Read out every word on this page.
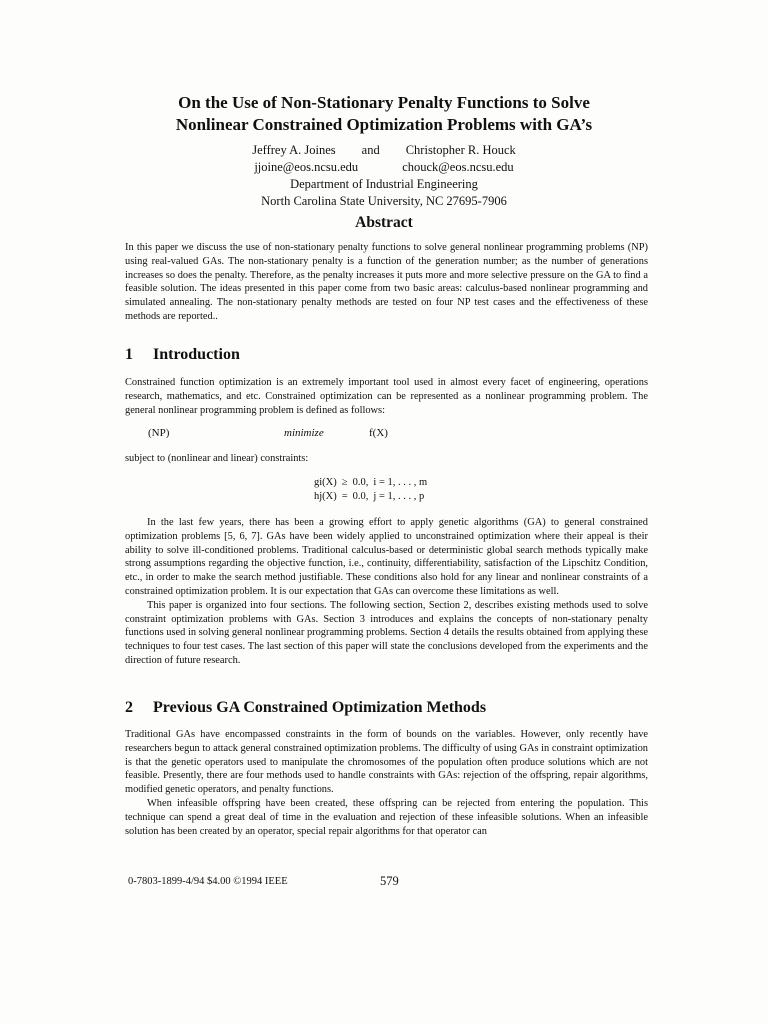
On the Use of Non-Stationary Penalty Functions to Solve
Nonlinear Constrained Optimization Problems with GA’s
Jeffrey A. Joines and Christopher R. Houck
jjoine@eos.ncsu.edu	chouck@eos.ncsu.edu
Department of Industrial Engineering
North Carolina State University, NC 27695-7906
Abstract

In this paper we discuss the use of non-stationary penalty functions to solve general nonlinear programming problems (NP) using real-valued GAs. The non-stationary penalty is a function of the generation number; as the number of generations increases so does the penalty. Therefore, as the penalty increases it puts more and more selective pressure on the GA to find a feasible solution. The ideas presented in this paper come from two basic areas: calculus-based nonlinear programming and simulated annealing. The non-stationary penalty methods are tested on four NP test cases and the effectiveness of these methods are reported..

1 Introduction

Constrained function optimization is an extremely important tool used in almost every facet of engineering, operations research, mathematics, and etc. Constrained optimization can be represented as a nonlinear programming problem. The general nonlinear programming problem is defined as follows:

(NP)	minimize	f(X)

subject to (nonlinear and linear) constraints:

gi(X)	≥	0.0,	i = 1, . . . , m
hj(X)	=	0.0,	j = 1, . . . , p

In the last few years, there has been a growing effort to apply genetic algorithms (GA) to general constrained optimization problems [5, 6, 7]. GAs have been widely applied to unconstrained optimization where their appeal is their ability to solve ill-conditioned problems. Traditional calculus-based or deterministic global search methods typically make strong assumptions regarding the objective function, i.e., continuity, differentiability, satisfaction of the Lipschitz Condition, etc., in order to make the search method justifiable. These conditions also hold for any linear and nonlinear constraints of a constrained optimization problem. It is our expectation that GAs can overcome these limitations as well.

This paper is organized into four sections. The following section, Section 2, describes existing methods used to solve constraint optimization problems with GAs. Section 3 introduces and explains the concepts of non-stationary penalty functions used in solving general nonlinear programming problems. Section 4 details the results obtained from applying these techniques to four test cases. The last section of this paper will state the conclusions developed from the experiments and the direction of future research.

2 Previous GA Constrained Optimization Methods

Traditional GAs have encompassed constraints in the form of bounds on the variables. However, only recently have researchers begun to attack general constrained optimization problems. The difficulty of using GAs in constraint optimization is that the genetic operators used to manipulate the chromosomes of the population often produce solutions which are not feasible. Presently, there are four methods used to handle constraints with GAs: rejection of the offspring, repair algorithms, modified genetic operators, and penalty functions.

When infeasible offspring have been created, these offspring can be rejected from entering the population. This technique can spend a great deal of time in the evaluation and rejection of these infeasible solutions. When an infeasible solution has been created by an operator, special repair algorithms for that operator can

0-7803-1899-4/94 $4.00 ©1994 IEEE	579
